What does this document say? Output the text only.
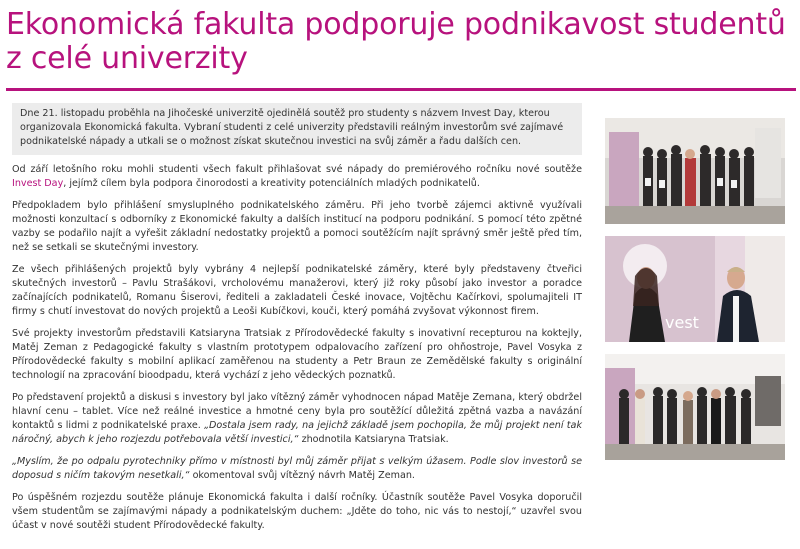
Ekonomická fakulta podporuje podnikavost studentů z celé univerzity

Dne 21. listopadu proběhla na Jihočeské univerzitě ojedinělá soutěž pro studenty s názvem Invest Day, kterou organizovala Ekonomická fakulta. Vybraní studenti z celé univerzity představili reálným investorům své zajímavé podnikatelské nápady a utkali se o možnost získat skutečnou investici na svůj záměr a řadu dalších cen.

Od září letošního roku mohli studenti všech fakult přihlašovat své nápady do premiérového ročníku nové soutěže Invest Day, jejímž cílem byla podpora činorodosti a kreativity potenciálních mladých podnikatelů.

Předpokladem bylo přihlášení smysluplného podnikatelského záměru. Při jeho tvorbě zájemci aktivně využívali možnosti konzultací s odborníky z Ekonomické fakulty a dalších institucí na podporu podnikání. S pomocí této zpětné vazby se podařilo najít a vyřešit základní nedostatky projektů a pomoci soutěžícím najít správný směr ještě před tím, než se setkali se skutečnými investory.

Ze všech přihlášených projektů byly vybrány 4 nejlepší podnikatelské záměry, které byly představeny čtveřici skutečných investorů – Pavlu Strašákovi, vrcholovému manažerovi, který již roky působí jako investor a poradce začínajících podnikatelů, Romanu Šiserovi, řediteli a zakladateli České inovace, Vojtěchu Kačírkovi, spolumajiteli IT firmy s chutí investovat do nových projektů a Leoši Kubíčkovi, kouči, který pomáhá zvyšovat výkonnost firem.

Své projekty investorům představili Katsiaryna Tratsiak z Přírodovědecké fakulty s inovativní recepturou na koktejly, Matěj Zeman z Pedagogické fakulty s vlastním prototypem odpalovacího zařízení pro ohňostroje, Pavel Vosyka z Přírodovědecké fakulty s mobilní aplikací zaměřenou na studenty a Petr Braun ze Zemědělské fakulty s originální technologií na zpracování bioodpadu, která vychází z jeho vědeckých poznatků.

Po představení projektů a diskusi s investory byl jako vítězný záměr vyhodnocen nápad Matěje Zemana, který obdržel hlavní cenu – tablet. Více než reálné investice a hmotné ceny byla pro soutěžící důležitá zpětná vazba a navázání kontaktů s lidmi z podnikatelské praxe. „Dostala jsem rady, na jejichž základě jsem pochopila, že můj projekt není tak náročný, abych k jeho rozjezdu potřebovala větší investici,“ zhodnotila Katsiaryna Tratsiak.

„Myslím, že po odpalu pyrotechniky přímo v místnosti byl můj záměr přijat s velkým úžasem. Podle slov investorů se doposud s ničím takovým nesetkali,“ okomentoval svůj vítězný návrh Matěj Zeman.

Po úspěšném rozjezdu soutěže plánuje Ekonomická fakulta i další ročníky. Účastník soutěže Pavel Vosyka doporučil všem studentům se zajímavými nápady a podnikatelským duchem: „Jděte do toho, nic vás to nestojí,“ uzavřel svou účast v nové soutěži student Přírodovědecké fakulty.

vest
